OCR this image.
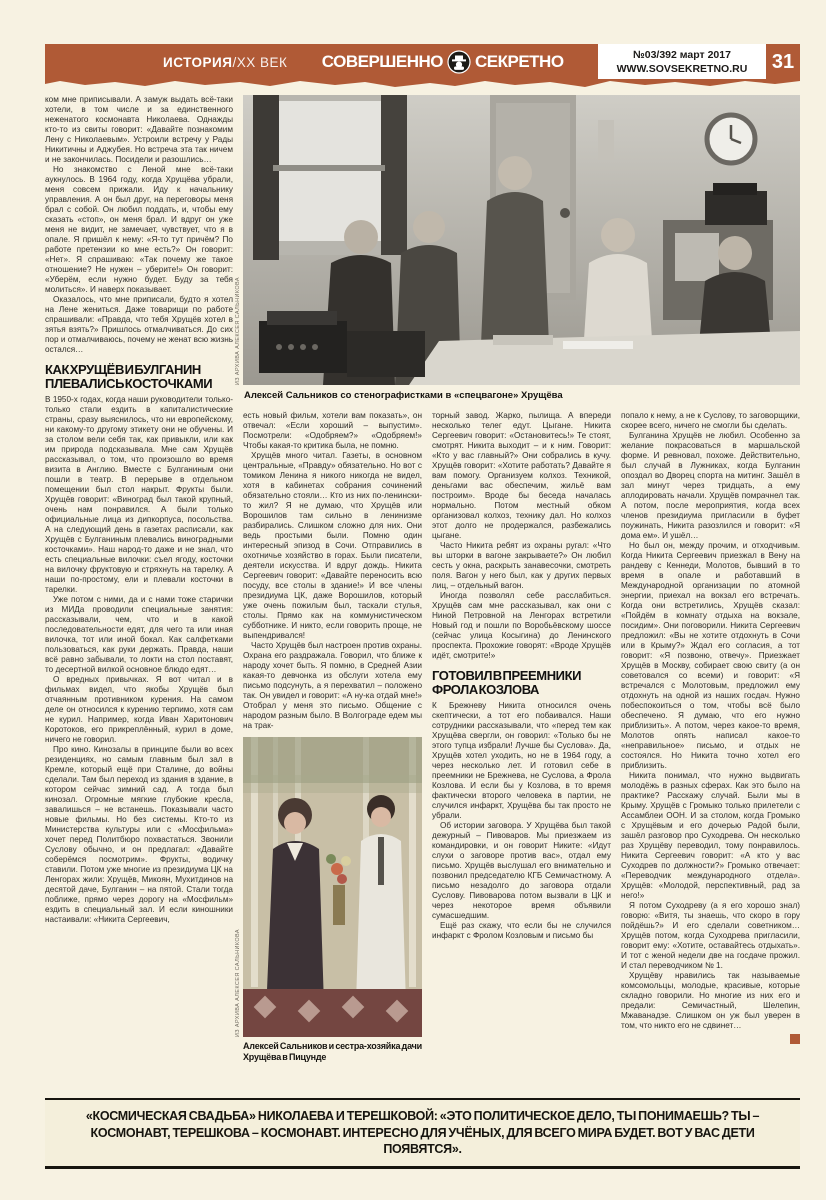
ИСТОРИЯ /XX ВЕК СОВЕРШЕННО СЕКРЕТНО	№03/392 март 2017
WWW.SOVSEKRETNO.RU 31

ком мне приписывали. А замуж выдать всё-таки хотели, в том числе и за единственного неженатого космонавта Николаева. Однажды кто-то из свиты говорит: «Давайте познакомим Лену с Николаевым». Устроили встречу у Рады Никитичны и Аджубея. Но встреча эта так ничем и не закончилась. Посидели и разошлись…

Но знакомство с Леной мне всё-таки аукнулось. В 1964 году, когда Хрущёва убрали, меня совсем прижали. Иду к начальнику управления. А он был друг, на переговоры меня брал с собой. Он любил поддать, и, чтобы ему сказать «стоп», он меня брал. И вдруг он уже меня не видит, не замечает, чувствует, что я в опале. Я пришёл к нему: «Я-то тут причём? По работе претензии ко мне есть?» Он говорит: «Нет». Я спрашиваю: «Так почему же такое отношение? Не нужен – уберите!» Он говорит: «Уберём, если нужно будет. Буду за тебя молиться». И наверх показывает.

Оказалось, что мне приписали, будто я хотел на Лене жениться. Даже товарищи по работе спрашивали: «Правда, что тебя Хрущёв хотел в зятья взять?» Пришлось отмалчиваться. До сих пор и отмалчиваюсь, почему не женат всю жизнь остался…

КАК ХРУЩЁВ И БУЛГАНИН ПЛЕВАЛИСЬ КОСТОЧКАМИ

В 1950-х годах, когда наши руководители только-только стали ездить в капиталистические страны, сразу выяснилось, что ни европейскому, ни какому-то другому этикету они не обучены. И за столом вели себя так, как привыкли, или как им природа подсказывала. Мне сам Хрущёв рассказывал, о том, что произошло во время визита в Англию. Вместе с Булганиным они пошли в театр. В перерыве в отдельном помещении был стол накрыт. Фрукты были. Хрущёв говорит: «Виноград был такой крупный, очень нам понравился. А были только официальные лица из дипкорпуса, посольства. А на следующий день в газетах расписали, как Хрущёв с Булганиным плевались виноградными косточками». Наш народ-то даже и не знал, что есть специальные вилочки: съел ягоду, косточки на вилочку фруктовую и стряхнуть на тарелку. А наши по-простому, ели и плевали косточки в тарелки.

Уже потом с ними, да и с нами тоже старички из МИДа проводили специальные занятия: рассказывали, чем, что и в какой последовательности едят, для чего та или иная вилочка, тот или иной бокал. Как салфетками пользоваться, как руки держать. Правда, наши всё равно забывали, то локти на стол поставят, то десертной вилкой основное блюдо едят…

О вредных привычках. Я вот читал и в фильмах видел, что якобы Хрущёв был отчаянным противником курения. На самом деле он относился к курению терпимо, хотя сам не курил. Например, когда Иван Харитонович Коротоков, его прикреплённый, курил в доме, ничего не говорил.

Про кино. Кинозалы в принципе были во всех резиденциях, но самым главным был зал в Кремле, который ещё при Сталине, до войны сделали. Там был переход из здания в здание, в котором сейчас зимний сад. А тогда был кинозал. Огромные мягкие глубокие кресла, завалишься – не встанешь. Показывали часто новые фильмы. Но без системы. Кто-то из Министерства культуры или с «Мосфильма» хочет перед Политбюро похвастаться. Звонили Суслову обычно, и он предлагал: «Давайте соберёмся посмотрим». Фрукты, водичку ставили. Потом уже многие из президиума ЦК на Ленгорах жили: Хрущёв, Микоян, Мухитдинов на десятой даче, Булганин – на пятой. Стали тогда поближе, прямо через дорогу на «Мосфильм» ездить в специальный зал. И если киношники настаивали: «Никита Сергеевич,

ИЗ АРХИВА АЛЕКСЕЯ САЛЬНИКОВА
Алексей Сальников со стенографистками в «спецвагоне» Хрущёва

есть новый фильм, хотели вам показать», он отвечал: «Если хороший – выпустим». Посмотрели: «Одобряем?» «Одобряем!» Чтобы какая-то критика была, не помню.

Хрущёв много читал. Газеты, в основном центральные, «Правду» обязательно. Но вот с томиком Ленина я никого никогда не видел, хотя в кабинетах собрания сочинений обязательно стояли… Кто из них по-ленински-то жил? Я не думаю, что Хрущёв или Ворошилов там сильно в ленинизме разбирались. Слишком сложно для них. Они ведь простыми были. Помню один интересный эпизод в Сочи. Отправились в охотничье хозяйство в горах. Были писатели, деятели искусства. И вдруг дождь. Никита Сергеевич говорит: «Давайте переносить всю посуду, все столы в здание!» И все члены президиума ЦК, даже Ворошилов, который уже очень пожилым был, таскали стулья, столы. Прямо как на коммунистическом субботнике. И никто, если говорить проще, не выпендривался!

Часто Хрущёв был настроен против охраны. Охрана его раздражала. Говорил, что ближе к народу хочет быть. Я помню, в Средней Азии какая-то девчонка из обслуги хотела ему письмо подсунуть, а я перехватил – положено так. Он увидел и говорит: «А ну-ка отдай мне!» Отобрал у меня это письмо. Общение с народом разным было. В Волгограде едем мы на трак-

ИЗ АРХИВА АЛЕКСЕЯ САЛЬНИКОВА
Алексей Сальников и сестра-хозяйка дачи Хрущёва в Пицунде

торный завод. Жарко, пылища. А впереди несколько телег едут. Цыгане. Никита Сергеевич говорит: «Остановитесь!» Те стоят, смотрят. Никита выходит – и к ним. Говорит: «Кто у вас главный?» Они собрались в кучу. Хрущёв говорит: «Хотите работать? Давайте я вам помогу. Организуем колхоз. Техникой, деньгами вас обеспечим, жильё вам построим». Вроде бы беседа началась нормально. Потом местный обком организовал колхоз, технику дал. Но колхоз этот долго не продержался, разбежались цыгане.

Часто Никита ребят из охраны ругал: «Что вы шторки в вагоне закрываете?» Он любил сесть у окна, раскрыть занавесочки, смотреть поля. Вагон у него был, как у других первых лиц, – отдельный вагон.

Иногда позволял себе расслабиться. Хрущёв сам мне рассказывал, как они с Ниной Петровной на Ленгорах встретили Новый год и пошли по Воробьёвскому шоссе (сейчас улица Косыгина) до Ленинского проспекта. Прохожие говорят: «Вроде Хрущёв идёт, смотрите!»

ГОТОВИЛ В ПРЕЕМНИКИ ФРОЛА КОЗЛОВА

К Брежневу Никита относился очень скептически, а тот его побаивался. Наши сотрудники рассказывали, что «перед тем как Хрущёва свергли, он говорил: «Только бы не этого тупца избрали! Лучше бы Суслова». Да, Хрущёв хотел уходить, но не в 1964 году, а через несколько лет. И готовил себе в преемники не Брежнева, не Суслова, а Фрола Козлова. И если бы у Козлова, в то время фактически второго человека в партии, не случился инфаркт, Хрущёва бы так просто не убрали.

Об истории заговора. У Хрущёва был такой дежурный – Пивоваров. Мы приезжаем из командировки, и он говорит Никите: «Идут слухи о заговоре против вас», отдал ему письмо. Хрущёв выслушал его внимательно и позвонил председателю КГБ Семичастному. А письмо незадолго до заговора отдали Суслову. Пивоварова потом вызвали в ЦК и через некоторое время объявили сумасшедшим.

Ещё раз скажу, что если бы не случился инфаркт с Фролом Козловым и письмо бы

попало к нему, а не к Суслову, то заговорщики, скорее всего, ничего не смогли бы сделать.

Булганина Хрущёв не любил. Особенно за желание покрасоваться в маршальской форме. И ревновал, похоже. Действительно, был случай в Лужниках, когда Булганин опоздал во Дворец спорта на митинг. Зашёл в зал минут через тридцать, а ему аплодировать начали. Хрущёв помрачнел так. А потом, после мероприятия, когда всех членов президиума пригласили в буфет поужинать, Никита разозлился и говорит: «Я дома ем». И ушёл…

Но был он, между прочим, и отходчивым. Когда Никита Сергеевич приезжал в Вену на рандеву с Кеннеди, Молотов, бывший в то время в опале и работавший в Международной организации по атомной энергии, приехал на вокзал его встречать. Когда они встретились, Хрущёв сказал: «Пойдём в комнату отдыха на вокзале, посидим». Они поговорили. Никита Сергеевич предложил: «Вы не хотите отдохнуть в Сочи или в Крыму?» Ждал его согласия, а тот говорит: «Я позвоню, отвечу». Приезжает Хрущёв в Москву, собирает свою свиту (а он советовался со всеми) и говорит: «Я встречался с Молотовым, предложил ему отдохнуть на одной из наших госдач. Нужно побеспокоиться о том, чтобы всё было обеспечено. Я думаю, что его нужно приблизить». А потом, через какое-то время, Молотов опять написал какое-то «неправильное» письмо, и отдых не состоялся. Но Никита точно хотел его приблизить.

Никита понимал, что нужно выдвигать молодёжь в разных сферах. Как это было на практике? Расскажу случай. Были мы в Крыму. Хрущёв с Громыко только прилетели с Ассамблеи ООН. И за столом, когда Громыко с Хрущёвым и его дочерью Радой были, зашёл разговор про Суходрева. Он несколько раз Хрущёву переводил, тому понравилось. Никита Сергеевич говорит: «А кто у вас Суходрев по должности?» Громыко отвечает: «Переводчик международного отдела». Хрущёв: «Молодой, перспективный, рад за него!»

Я потом Суходреву (а я его хорошо знал) говорю: «Витя, ты знаешь, что скоро в гору пойдёшь?» И его сделали советником… Хрущёв потом, когда Суходрева пригласили, говорит ему: «Хотите, оставайтесь отдыхать». И тот с женой недели две на госдаче прожил. И стал переводчиком № 1.

Хрущёву нравились так называемые комсомольцы, молодые, красивые, которые складно говорили. Но многие из них его и предали: Семичастный, Шелепин, Мжаванадзе. Слишком он уж был уверен в том, что никто его не сдвинет…

«КОСМИЧЕСКАЯ СВАДЬБА» НИКОЛАЕВА И ТЕРЕШКОВОЙ: «ЭТО ПОЛИТИЧЕСКОЕ ДЕЛО, ТЫ ПОНИМАЕШЬ? ТЫ – КОСМОНАВТ, ТЕРЕШКОВА – КОСМОНАВТ. ИНТЕРЕСНО ДЛЯ УЧЁНЫХ, ДЛЯ ВСЕГО МИРА БУДЕТ. ВОТ У ВАС ДЕТИ ПОЯВЯТСЯ».
